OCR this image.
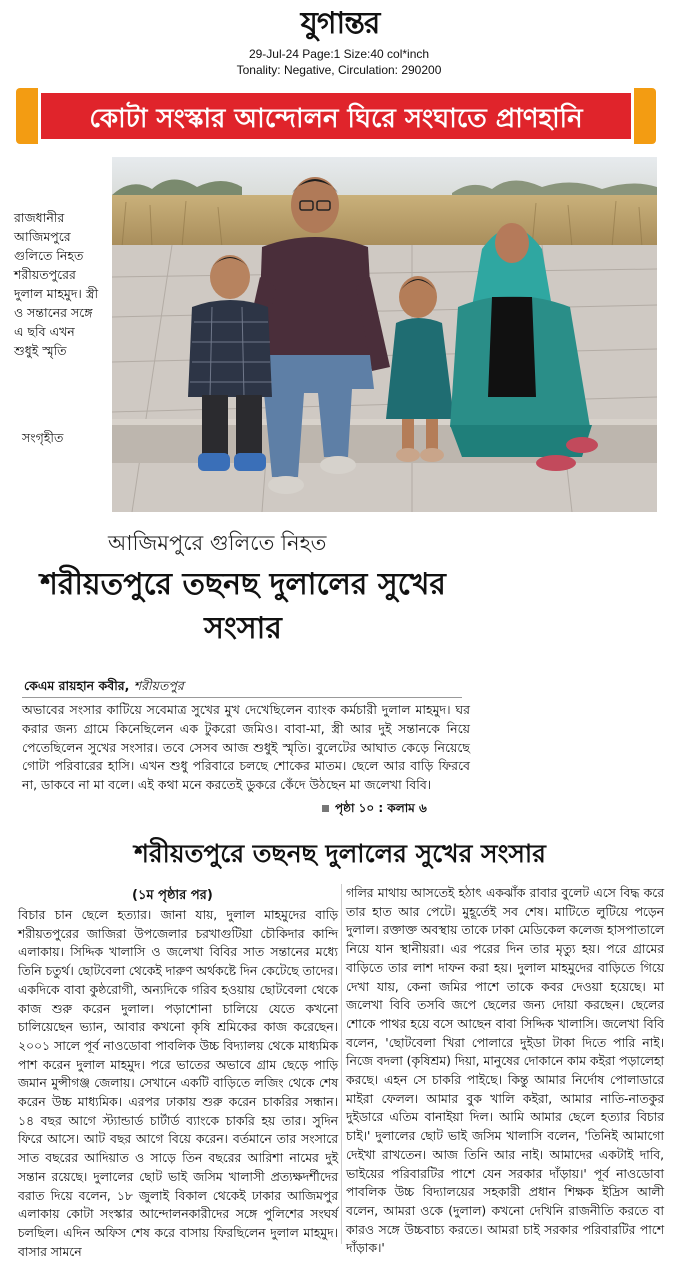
যুগান্তর
29-Jul-24 Page:1 Size:40 col*inch
Tonality: Negative, Circulation: 290200
কোটা সংস্কার আন্দোলন ঘিরে সংঘাতে প্রাণহানি
রাজধানীর আজিমপুরে গুলিতে নিহত শরীয়তপুরের দুলাল মাহমুদ। স্ত্রী ও সন্তানের সঙ্গে এ ছবি এখন শুধুই স্মৃতি
সংগৃহীত
আজিমপুরে গুলিতে নিহত
শরীয়তপুরে তছনছ দুলালের সুখের সংসার
কেএম রায়হান কবীর, শরীয়তপুর
অভাবের সংসার কাটিয়ে সবেমাত্র সুখের মুখ দেখেছিলেন ব্যাংক কর্মচারী দুলাল মাহমুদ। ঘর করার জন্য গ্রামে কিনেছিলেন এক টুকরো জমিও। বাবা-মা, স্ত্রী আর দুই সন্তানকে নিয়ে পেতেছিলেন সুখের সংসার। তবে সেসব আজ শুধুই স্মৃতি। বুলেটের আঘাত কেড়ে নিয়েছে গোটা পরিবারের হাসি। এখন শুধু পরিবারে চলছে শোকের মাতম। ছেলে আর বাড়ি ফিরবে না, ডাকবে না মা বলে। এই কথা মনে করতেই ডুকরে কেঁদে উঠছেন মা জলেখা বিবি।
পৃষ্ঠা ১০ : কলাম ৬
শরীয়তপুরে তছনছ দুলালের সুখের সংসার
(১ম পৃষ্ঠার পর)
বিচার চান ছেলে হত্যার। জানা যায়, দুলাল মাহমুদের বাড়ি শরীয়তপুরের জাজিরা উপজেলার চরখাগুটিয়া চৌকিদার কান্দি এলাকায়। সিদ্দিক খালাসি ও জলেখা বিবির সাত সন্তানের মধ্যে তিনি চতুর্থ। ছোটবেলা থেকেই দারুণ অর্থকষ্টে দিন কেটেছে তাদের। একদিকে বাবা কুষ্ঠরোগী, অন্যদিকে গরিব হওয়ায় ছোটবেলা থেকে কাজ শুরু করেন দুলাল। পড়াশোনা চালিয়ে যেতে কখনো চালিয়েছেন ভ্যান, আবার কখনো কৃষি শ্রমিকের কাজ করেছেন। ২০০১ সালে পূর্ব নাওডোবা পাবলিক উচ্চ বিদ্যালয় থেকে মাধ্যমিক পাশ করেন দুলাল মাহমুদ। পরে ভাতের অভাবে গ্রাম ছেড়ে পাড়ি জমান মুন্সীগঞ্জ জেলায়। সেখানে একটি বাড়িতে লজিং থেকে শেষ করেন উচ্চ মাধ্যমিক। এরপর ঢাকায় শুরু করেন চাকরির সন্ধান। ১৪ বছর আগে স্ট্যান্ডার্ড চার্টার্ড ব্যাংকে চাকরি হয় তার। সুদিন ফিরে আসে। আট বছর আগে বিয়ে করেন। বর্তমানে তার সংসারে সাত বছরের আদিয়াত ও সাড়ে তিন বছরের আরিশা নামের দুই সন্তান রয়েছে। দুলালের ছোট ভাই জসিম খালাসী প্রত্যক্ষদর্শীদের বরাত দিয়ে বলেন, ১৮ জুলাই বিকাল থেকেই ঢাকার আজিমপুর এলাকায় কোটা সংস্কার আন্দোলনকারীদের সঙ্গে পুলিশের সংঘর্ষ চলছিল। এদিন অফিস শেষ করে বাসায় ফিরছিলেন দুলাল মাহমুদ। বাসার সামনে
গলির মাথায় আসতেই হঠাৎ একঝাঁক রাবার বুলেট এসে বিদ্ধ করে তার হাত আর পেটে। মুহূর্তেই সব শেষ। মাটিতে লুটিয়ে পড়েন দুলাল। রক্তাক্ত অবস্থায় তাকে ঢাকা মেডিকেল কলেজ হাসপাতালে নিয়ে যান স্থানীয়রা। এর পরের দিন তার মৃত্যু হয়। পরে গ্রামের বাড়িতে তার লাশ দাফন করা হয়। দুলাল মাহমুদের বাড়িতে গিয়ে দেখা যায়, কেনা জমির পাশে তাকে কবর দেওয়া হয়েছে। মা জলেখা বিবি তসবি জপে ছেলের জন্য দোয়া করছেন। ছেলের শোকে পাথর হয়ে বসে আছেন বাবা সিদ্দিক খালাসি। জলেখা বিবি বলেন, 'ছোটবেলা খিরা পোলারে দুইডা টাকা দিতে পারি নাই। নিজে বদলা (কৃষিশ্রম) দিয়া, মানুষের দোকানে কাম কইরা পড়ালেহা করছে। এহন সে চাকরি পাইছে। কিন্তু আমার নির্দোষ পোলাডারে মাইরা ফেলল। আমার বুক খালি কইরা, আমার নাতি-নাতকুর দুইডারে এতিম বানাইয়া দিল। আমি আমার ছেলে হত্যার বিচার চাই।' দুলালের ছোট ভাই জসিম খালাসি বলেন, 'তিনিই আমাগো দেইখা রাখতেন। আজ তিনি আর নাই। আমাদের একটাই দাবি, ভাইয়ের পরিবারটির পাশে যেন সরকার দাঁড়ায়।' পূর্ব নাওডোবা পাবলিক উচ্চ বিদ্যালয়ের সহকারী প্রধান শিক্ষক ইদ্রিস আলী বলেন, আমরা ওকে (দুলাল) কখনো দেখিনি রাজনীতি করতে বা কারও সঙ্গে উচ্চবাচ্য করতে। আমরা চাই সরকার পরিবারটির পাশে দাঁড়াক।'
